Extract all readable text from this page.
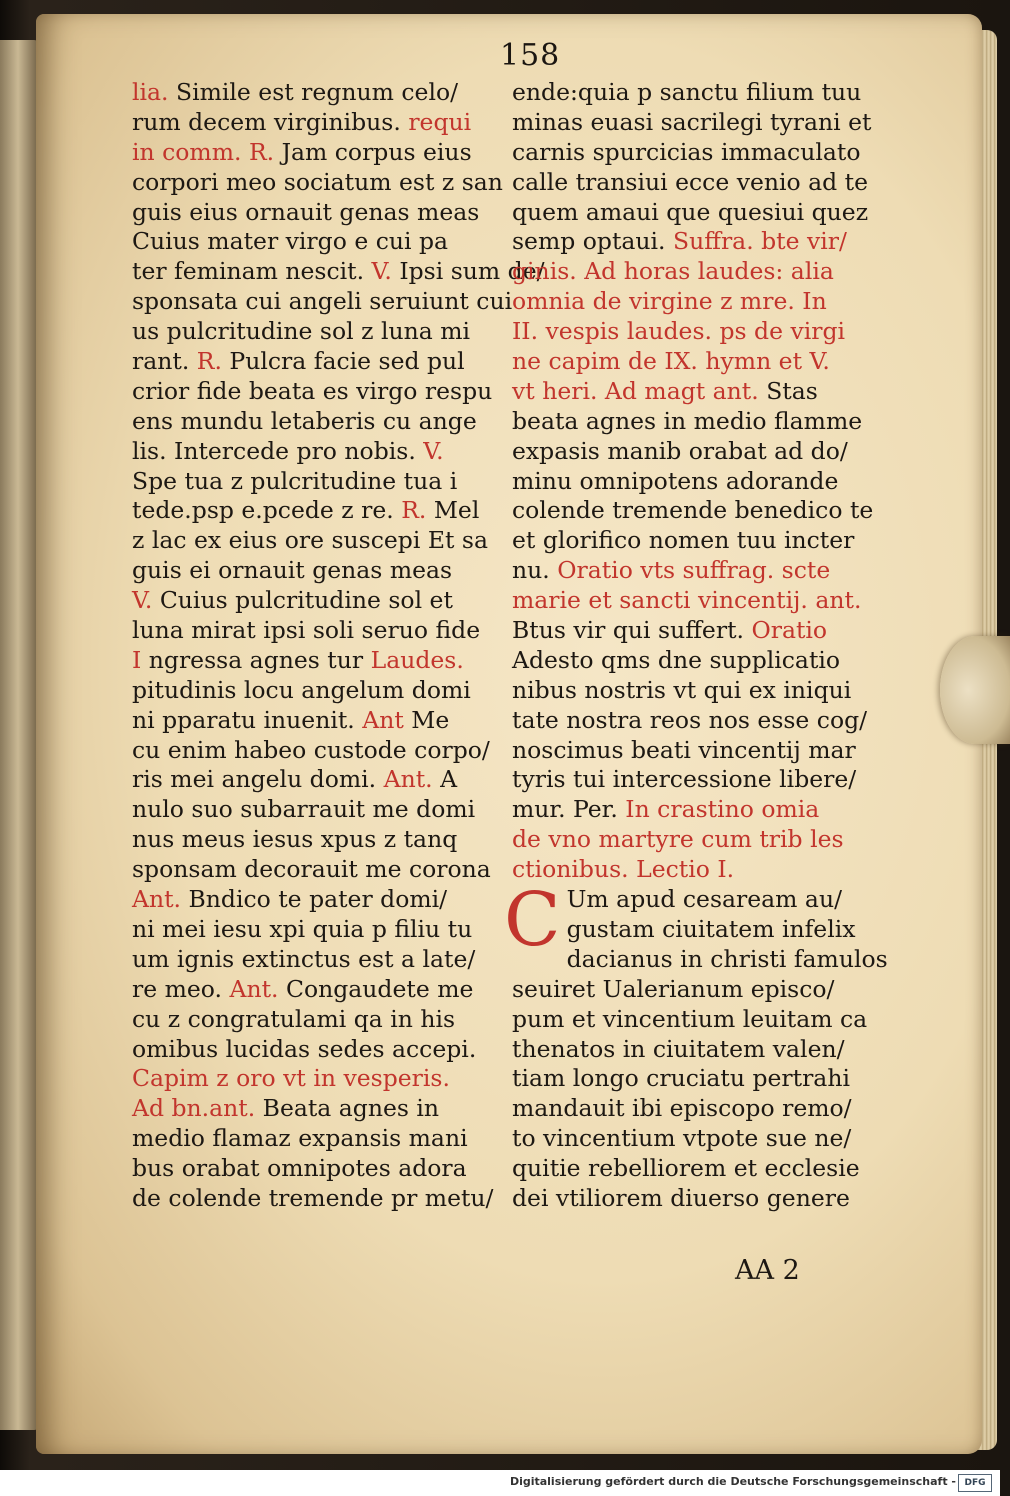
158
lia. Simile est regnum celo/
rum decem virginibus. requi
in comm. R. Jam corpus eius
corpori meo sociatum est z san
guis eius ornauit genas meas
Cuius mater virgo e cui pa
ter feminam nescit. V. Ipsi sum de/
sponsata cui angeli seruiunt cui
us pulcritudine sol z luna mi
rant. R. Pulcra facie sed pul
crior fide beata es virgo respu
ens mundu letaberis cu ange
lis. Intercede pro nobis. V.
Spe tua z pulcritudine tua i
tede.psp e.pcede z re. R. Mel
z lac ex eius ore suscepi Et sa
guis ei ornauit genas meas
V. Cuius pulcritudine sol et
luna mirat ipsi soli seruo fide
I ngressa agnes tur Laudes.
pitudinis locu angelum domi
ni pparatu inuenit. Ant Me
cu enim habeo custode corpo/
ris mei angelu domi. Ant. A
nulo suo subarrauit me domi
nus meus iesus xpus z tanq
sponsam decorauit me corona
Ant. Bndico te pater domi/
ni mei iesu xpi quia p filiu tu
um ignis extinctus est a late/
re meo. Ant. Congaudete me
cu z congratulami qa in his
omibus lucidas sedes accepi.
Capim z oro vt in vesperis.
Ad bn.ant. Beata agnes in
medio flamaz expansis mani
bus orabat omnipotes adora
de colende tremende pr metu/
ende:quia p sanctu filium tuu
minas euasi sacrilegi tyrani et
carnis spurcicias immaculato
calle transiui ecce venio ad te
quem amaui que quesiui quez
semp optaui. Suffra. bte vir/
ginis. Ad horas laudes: alia
omnia de virgine z mre. In
II. vespis laudes. ps de virgi
ne capim de IX. hymn et V.
vt heri. Ad magt ant. Stas
beata agnes in medio flamme
expasis manib orabat ad do/
minu omnipotens adorande
colende tremende benedico te
et glorifico nomen tuu incter
nu. Oratio vts suffrag. scte
marie et sancti vincentij. ant.
Btus vir qui suffert. Oratio
Adesto qms dne supplicatio
nibus nostris vt qui ex iniqui
tate nostra reos nos esse cog/
noscimus beati vincentij mar
tyris tui intercessione libere/
mur. Per. In crastino omia
de vno martyre cum trib les
ctionibus. Lectio I.
C Um apud cesaream au/
gustam ciuitatem infelix
dacianus in christi famulos
seuiret Ualerianum episco/
pum et vincentium leuitam ca
thenatos in ciuitatem valen/
tiam longo cruciatu pertrahi
mandauit ibi episcopo remo/
to vincentium vtpote sue ne/
quitie rebelliorem et ecclesie
dei vtiliorem diuerso genere
AA 2
Digitalisierung gefördert durch die Deutsche Forschungsgemeinschaft - DFG
